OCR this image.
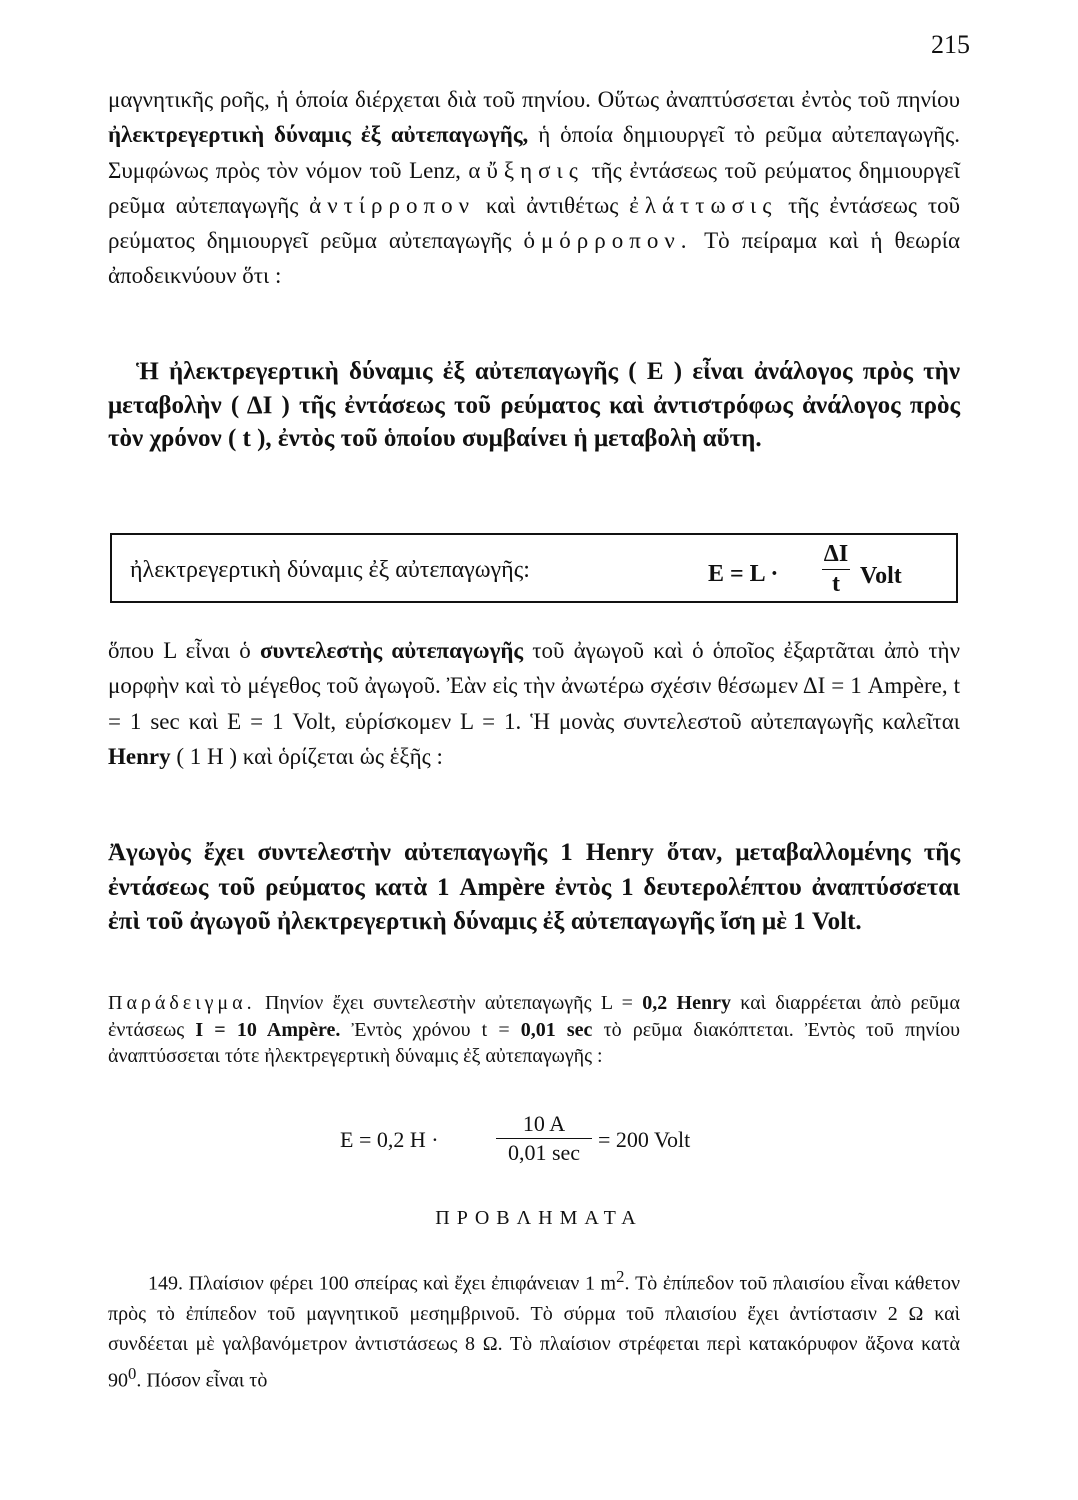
215
μαγνητικῆς ροῆς, ἡ ὁποία διέρχεται διὰ τοῦ πηνίου. Οὕτως ἀναπτύσσεται ἐντὸς τοῦ πηνίου ἠλεκτρεγερτικὴ δύναμις ἐξ αὐτεπαγωγῆς, ἡ ὁποία δημιουργεῖ τὸ ρεῦμα αὐτεπαγωγῆς. Συμφώνως πρὸς τὸν νόμον τοῦ Lenz, αὔξησις τῆς ἐντάσεως τοῦ ρεύματος δημιουργεῖ ρεῦμα αὐτεπαγωγῆς ἀντίρροπον καὶ ἀντιθέτως ἐλάττωσις τῆς ἐντάσεως τοῦ ρεύματος δημιουργεῖ ρεῦμα αὐτεπαγωγῆς ὁμόρροπον. Τὸ πείραμα καὶ ἡ θεωρία ἀποδεικνύουν ὅτι :
Ἡ ἠλεκτρεγερτικὴ δύναμις ἐξ αὐτεπαγωγῆς ( Ε ) εἶναι ἀνάλογος πρὸς τὴν μεταβολὴν ( ΔΙ ) τῆς ἐντάσεως τοῦ ρεύματος καὶ ἀντιστρόφως ἀνάλογος πρὸς τὸν χρόνον ( t ), ἐντὸς τοῦ ὁποίου συμβαίνει ἡ μεταβολὴ αὕτη.
ἠλεκτρεγερτικὴ δύναμις ἐξ αὐτεπαγωγῆς:	Ε = L ·
ΔΙ
t Volt
ὅπου L εἶναι ὁ συντελεστὴς αὐτεπαγωγῆς τοῦ ἀγωγοῦ καὶ ὁ ὁποῖος ἐξαρτᾶται ἀπὸ τὴν μορφὴν καὶ τὸ μέγεθος τοῦ ἀγωγοῦ. Ἐὰν εἰς τὴν ἀνωτέρω σχέσιν θέσωμεν ΔΙ = 1 Ampère, t = 1 sec καὶ Ε = 1 Volt, εὑρίσκομεν L = 1. Ἡ μονὰς συντελεστοῦ αὐτεπαγωγῆς καλεῖται Henry ( 1 H ) καὶ ὁρίζεται ὡς ἑξῆς :
Ἀγωγὸς ἔχει συντελεστὴν αὐτεπαγωγῆς 1 Henry ὅταν, μεταβαλλομένης τῆς ἐντάσεως τοῦ ρεύματος κατὰ 1 Ampère ἐντὸς 1 δευτερολέπτου ἀναπτύσσεται ἐπὶ τοῦ ἀγωγοῦ ἠλεκτρεγερτικὴ δύναμις ἐξ αὐτεπαγωγῆς ἴση μὲ 1 Volt.
Παράδειγμα. Πηνίον ἔχει συντελεστὴν αὐτεπαγωγῆς L = 0,2 Henry καὶ διαρρέεται ἀπὸ ρεῦμα ἐντάσεως I = 10 Ampère. Ἐντὸς χρόνου t = 0,01 sec τὸ ρεῦμα διακόπτεται. Ἐντὸς τοῦ πηνίου ἀναπτύσσεται τότε ἠλεκτρεγερτικὴ δύναμις ἐξ αὐτεπαγωγῆς :
Ε = 0,2 H ·
10 A
0,01 sec
= 200 Volt
ΠΡΟΒΛΗΜΑΤΑ
149. Πλαίσιον φέρει 100 σπείρας καὶ ἔχει ἐπιφάνειαν 1 $m^2$. Τὸ ἐπίπεδον τοῦ πλαισίου εἶναι κάθετον πρὸς τὸ ἐπίπεδον τοῦ μαγνητικοῦ μεσημβρινοῦ. Τὸ σύρμα τοῦ πλαισίου ἔχει ἀντίστασιν 2 Ω καὶ συνδέεται μὲ γαλβανόμετρον ἀντιστάσεως 8 Ω. Τὸ πλαίσιον στρέφεται περὶ κατακόρυφον ἄξονα κατὰ $90^0$. Πόσον εἶναι τὸ
